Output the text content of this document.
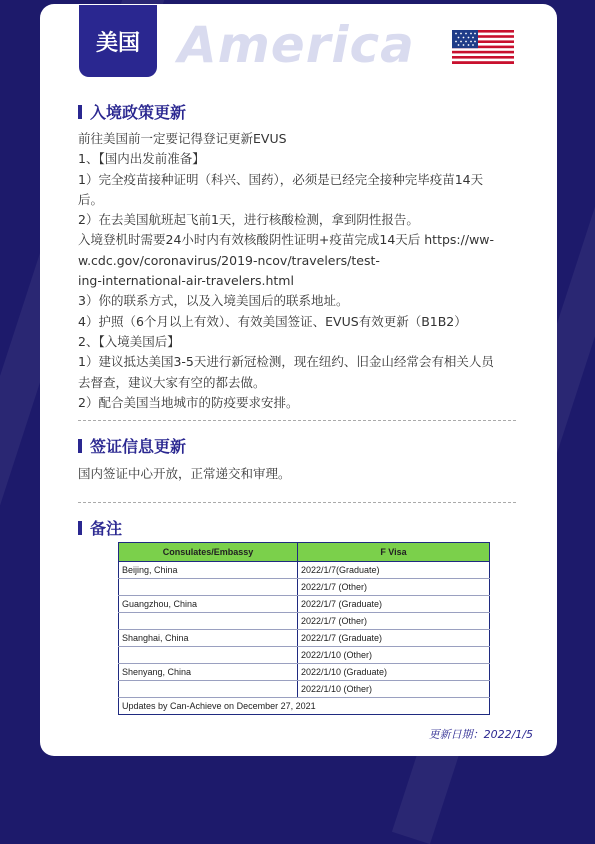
美国 America
入境政策更新

前往美国前一定要记得登记更新EVUS

1、【国内出发前准备】

1）完全疫苗接种证明（科兴、国药），必须是已经完全接种完毕疫苗14天

后。

2）在去美国航班起飞前1天，进行核酸检测，拿到阴性报告。

入境登机时需要24小时内有效核酸阴性证明+疫苗完成14天后 https://ww-

w.cdc.gov/coronavirus/2019-ncov/travelers/test-

ing-international-air-travelers.html

3）你的联系方式，以及入境美国后的联系地址。

4）护照（6个月以上有效）、有效美国签证、EVUS有效更新（B1B2）

2、【入境美国后】

1）建议抵达美国3-5天进行新冠检测，现在纽约、旧金山经常会有相关人员

去督查，建议大家有空的都去做。

2）配合美国当地城市的防疫要求安排。

签证信息更新

国内签证中心开放，正常递交和审理。

备注
Consulates/Embassy	F Visa
Beijing, China	2022/1/7(Graduate)
	2022/1/7 (Other)
Guangzhou, China	2022/1/7 (Graduate)
	2022/1/7 (Other)
Shanghai, China	2022/1/7 (Graduate)
	2022/1/10 (Other)
Shenyang, China	2022/1/10 (Graduate)
	2022/1/10 (Other)
Updates by Can-Achieve on December 27, 2021	
更新日期：2022/1/5
